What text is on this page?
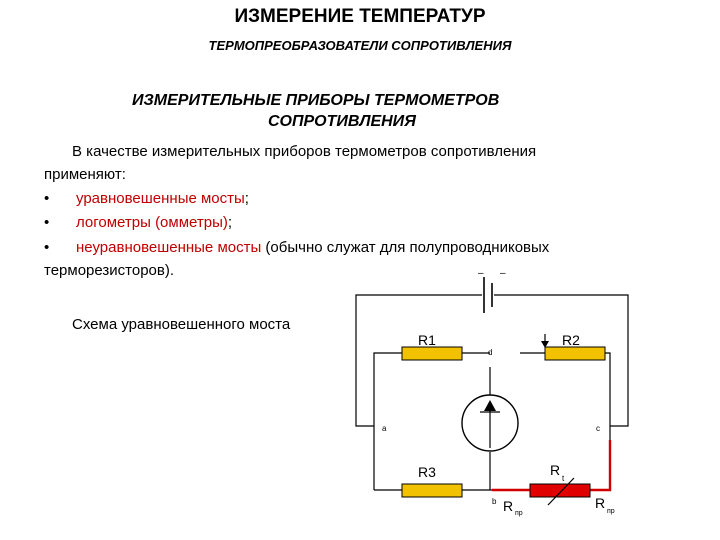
ИЗМЕРЕНИЕ ТЕМПЕРАТУР
ТЕРМОПРЕОБРАЗОВАТЕЛИ СОПРОТИВЛЕНИЯ
ИЗМЕРИТЕЛЬНЫЕ ПРИБОРЫ ТЕРМОМЕТРОВ
СОПРОТИВЛЕНИЯ
В качестве измерительных приборов термометров сопротивления
применяют:
• уравновешенные мосты;
• логометры (омметры);
• неуравновешенные мосты (обычно служат для полупроводниковых
терморезисторов).
Схема уравновешенного моста
– –
R1	R2
R3	R
t
R пр
R
пр
a
b
c
d
